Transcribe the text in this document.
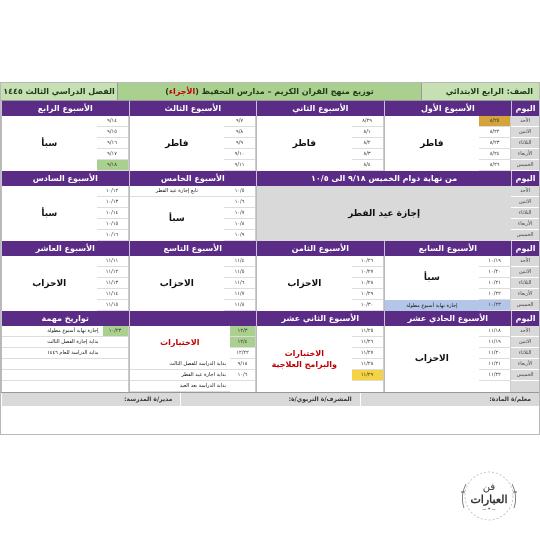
الصف: الرابع الابتدائي
توزيع منهج القران الكريم – مدارس التحفيظ (
الأجزاء
)
الفصل الدراسي الثالث ١٤٤٥
اليوم
الأسبوع الأول
الأسبوع الثاني
الأسبوع الثالث
الأسبوع الرابع
الأحد
الاثنين
الثلاثاء
الأربعاء
الخميس
٨/٢٥
٨/٢٢
٨/٢٣
٨/٢٤
٨/٢٦
فاطر
٨/٢٩
٨/١
٨/٢
٨/٣
٨/٤
فاطر
٩/٧
٩/٨
٩/٩
٩/١٠
٩/١١
فاطر
٩/١٤
٩/١٥
٩/١٦
٩/١٧
٩/١٨
سبأ
اليوم
من نهاية دوام الخميس ٩/١٨ الى ١٠/٥
الأسبوع الخامس
الأسبوع السادس
الأحد
الاثنين
الثلاثاء
الأربعاء
الخميس
إجازة عيد الفطر
١٠/٥
١٠/٦
١٠/٧
١٠/٨
١٠/٩
تابع إجازة عيد الفطر
سبأ
١٠/١٢
١٠/١٣
١٠/١٤
١٠/١٥
١٠/١٦
سبأ
اليوم
الأسبوع السابع
الأسبوع الثامن
الأسبوع التاسع
الأسبوع العاشر
الأحد
الاثنين
الثلاثاء
الأربعاء
الخميس
١٠/١٩
١٠/٢٠
١٠/٢١
١٠/٢٢
١٠/٢٣
سبأ
إجازة نهاية أسبوع مطولة
١٠/٢٦
١٠/٢٧
١٠/٢٨
١٠/٢٩
١٠/٣٠
الاحزاب
١١/٤
١١/٥
١١/٦
١١/٧
١١/٨
الاحزاب
١١/١١
١١/١٢
١١/١٣
١١/١٤
١١/١٥
الاحزاب
اليوم
الأسبوع الحادي عشر
الأسبوع الثاني عشر
تواريخ مهمة
الأحد
الاثنين
الثلاثاء
الأربعاء
الخميس
١١/١٨
١١/١٩
١١/٢٠
١١/٢١
١١/٢٢
الاحزاب
١١/٢٥
١١/٢٦
١١/٢٧
١١/٢٨
١١/٢٩
الاختبارات
والبرامج العلاجية
١٢/٣
١٢/٤
١٢/٢٢
٩/١٨
١٠/٦
الاختبارات
بداية الدراسة للفصل الثالث
بداية اجازة عيد الفطر
بداية الدراسة بعد العيد
١٠/٢٣
إجازة نهاية أسبوع مطولة
بداية إجازة الفصل الثالث
بداية الدراسة للعام ١٤٤٦
معلم/ة المادة:
المشرف/ة التربوي/ة:
مدير/ة المدرسة:
فن
العبارات
ـــ ✦ ـــ
